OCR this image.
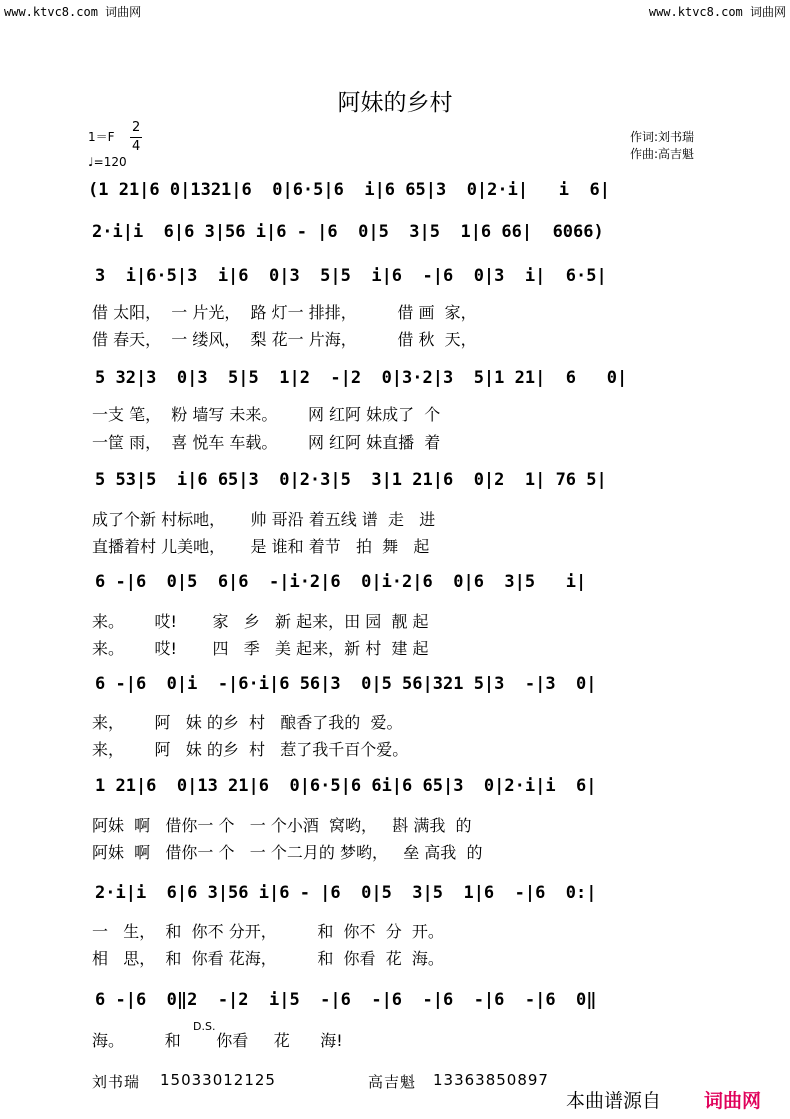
www.ktvc8.com 词曲网	www.ktvc8.com 词曲网
阿妹的乡村
1＝F
2
4
♩=120
作词:刘书瑞
作曲:高吉魁
(1 21|6 0|1321|6  0|6·5|6  i|6 65|3  0|2·i|   i  6|
2·i|i  6|6 3|56 i|6 - |6  0|5  3|5  1|6 66|  6066)
3  i|6·5|3  i|6  0|3  5|5  i|6  -|6  0|3  i|  6·5|
借 太阳，  一 片光，  路 灯一 排排，        借 画  家，
借 春天，  一 缕风，  梨 花一 片海，        借 秋  天，
5 32|3  0|3  5|5  1|2  -|2  0|3·2|3  5|1 21|  6   0|
一支 笔，  粉 墙写 未来。      网 红阿 妹成了  个
一筐 雨，  喜 悦车 车载。      网 红阿 妹直播  着
5 53|5  i|6 65|3  0|2·3|5  3|1 21|6  0|2  1| 76 5|
成了个新 村标吔，     帅 哥沿 着五线 谱  走   进
直播着村 儿美吔，     是 谁和 着节   拍  舞   起
6 -|6  0|5  6|6  -|i·2|6  0|i·2|6  0|6  3|5   i|
来。      哎!       家   乡   新 起来，田 园  靓 起
来。      哎!       四   季   美 起来，新 村  建 起
6 -|6  0|i  -|6·i|6 56|3  0|5 56|321 5|3  -|3  0|
来，      阿   妹 的乡  村   酿香了我的  爱。
来，      阿   妹 的乡  村   惹了我千百个爱。
1 21|6  0|13 21|6  0|6·5|6 6i|6 65|3  0|2·i|i  6|
阿妹  啊   借你一 个   一 个小酒  窝哟，   斟 满我  的
阿妹  啊   借你一 个   一 个二月的 梦哟，   垒 高我  的
2·i|i  6|6 3|56 i|6 - |6  0|5  3|5  1|6  -|6  0:|
一   生，  和  你不 分开，        和  你不  分  开。
相   思，  和  你看 花海，        和  你看  花  海。
6 -|6  0‖2  -|2  i|5  -|6  -|6  -|6  -|6  -|6  0‖
D.S.
海。        和       你看     花      海!
刘书瑞 15033012125	高吉魁 13363850897
本曲谱源自 词曲网
